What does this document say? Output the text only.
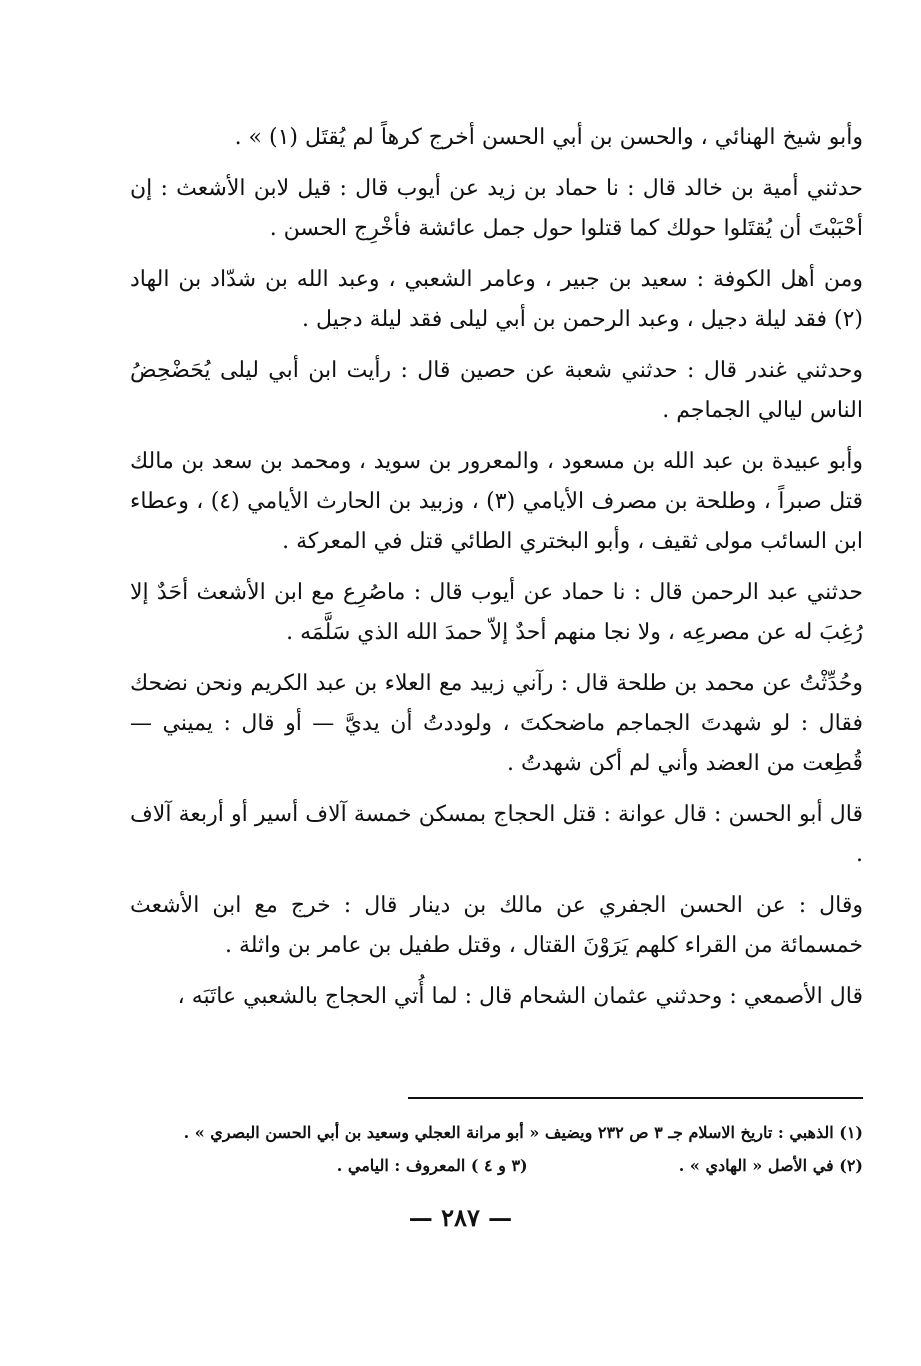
وأبو شيخ الهنائي ، والحسن بن أبي الحسن أخرج كرهاً لم يُقتَل (١) » .

حدثني أمية بن خالد قال : نا حماد بن زيد عن أيوب قال : قيل لابن الأشعث : إن أحْبَبْتَ أن يُقتَلوا حولك كما قتلوا حول جمل عائشة فأخْرِج الحسن .

ومن أهل الكوفة : سعيد بن جبير ، وعامر الشعبي ، وعبد الله بن شدّاد بن الهاد (٢) فقد ليلة دجيل ، وعبد الرحمن بن أبي ليلى فقد ليلة دجيل .

وحدثني غندر قال : حدثني شعبة عن حصين قال : رأيت ابن أبي ليلى يُحَضْحِضُ الناس ليالي الجماجم .

وأبو عبيدة بن عبد الله بن مسعود ، والمعرور بن سويد ، ومحمد بن سعد بن مالك قتل صبراً ، وطلحة بن مصرف الأيامي (٣) ، وزبيد بن الحارث الأيامي (٤) ، وعطاء ابن السائب مولى ثقيف ، وأبو البختري الطائي قتل في المعركة .

حدثني عبد الرحمن قال : نا حماد عن أيوب قال : ماصُرِع مع ابن الأشعث أحَدٌ إلا رُغِبَ له عن مصرعِه ، ولا نجا منهم أحدٌ إلاّ حمدَ الله الذي سَلَّمَه .

وحُدِّثْتُ عن محمد بن طلحة قال : رآني زبيد مع العلاء بن عبد الكريم ونحن نضحك فقال : لو شهدتَ الجماجم ماضحكتَ ، ولوددتُ أن يديَّ — أو قال : يميني — قُطِعت من العضد وأني لم أكن شهدتُ .

قال أبو الحسن : قال عوانة : قتل الحجاج بمسكن خمسة آلاف أسير أو أربعة آلاف .

وقال : عن الحسن الجفري عن مالك بن دينار قال : خرج مع ابن الأشعث خمسمائة من القراء كلهم يَرَوْنَ القتال ، وقتل طفيل بن عامر بن واثلة .

قال الأصمعي : وحدثني عثمان الشحام قال : لما أُتي الحجاج بالشعبي عاتَبَه ،

(١) الذهبي : تاريخ الاسلام جـ ٣ ص ٢٣٢ ويضيف « أبو مرانة العجلي وسعيد بن أبي الحسن البصري » .

(٢) في الأصل « الهادي » .  (٣ و ٤ ) المعروف : اليامي .

— ٢٨٧ —
